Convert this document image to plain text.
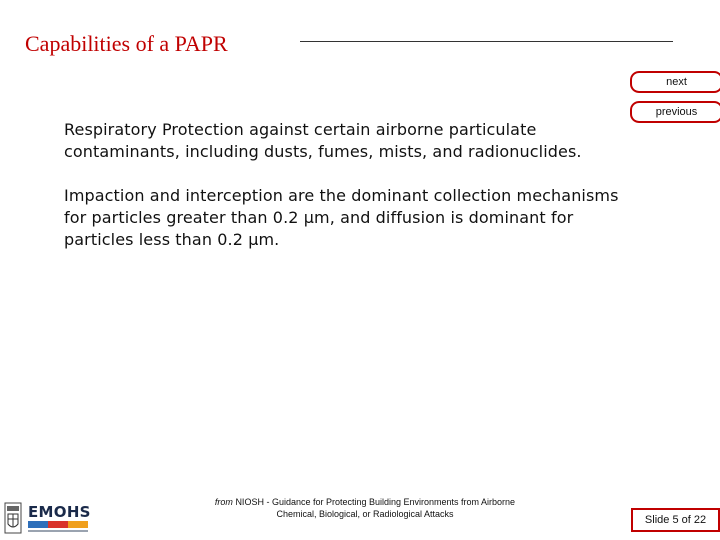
Capabilities of a PAPR
next
previous
Respiratory Protection against certain airborne particulate contaminants, including dusts, fumes, mists, and radionuclides.
Impaction and interception are the dominant collection mechanisms for particles greater than 0.2 µm, and diffusion is dominant for particles less than 0.2 µm.
EMOHS
from NIOSH - Guidance for Protecting Building Environments from Airborne
Chemical, Biological, or Radiological Attacks	Slide 5 of 22
